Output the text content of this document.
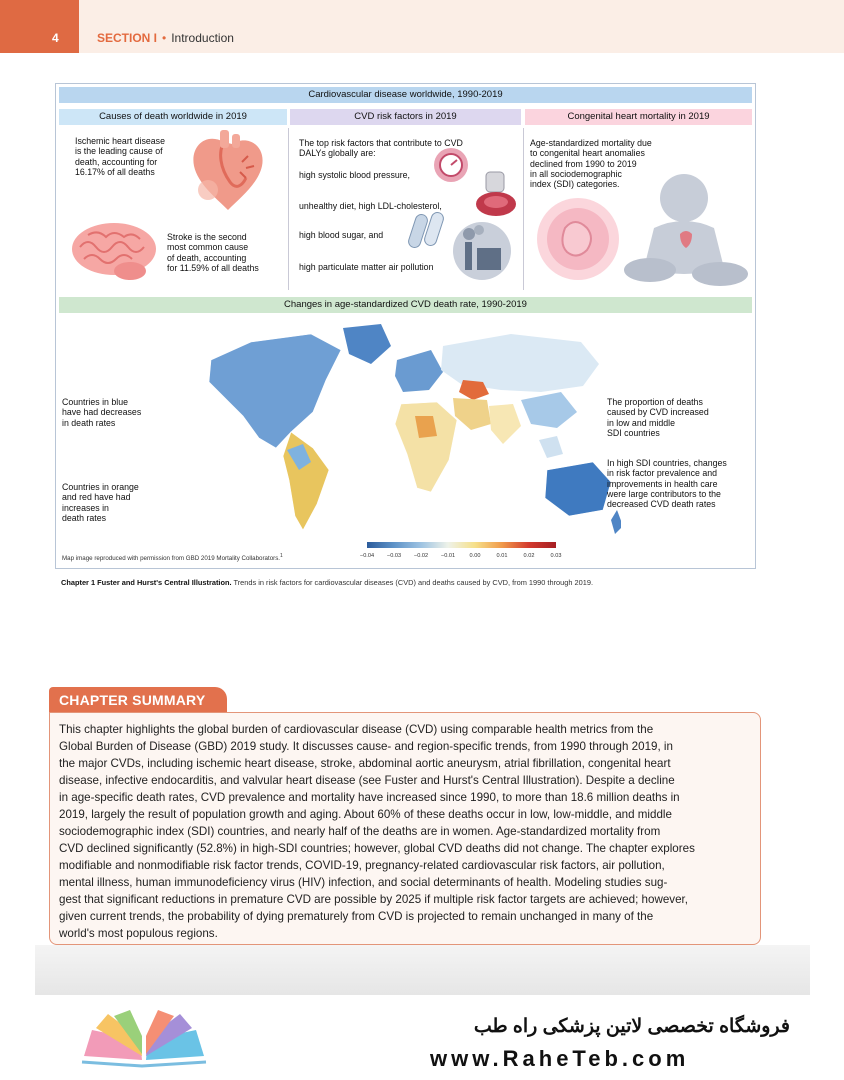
4	SECTION I • Introduction
Cardiovascular disease worldwide, 1990-2019
Causes of death worldwide in 2019	CVD risk factors in 2019	Congenital heart mortality in 2019
Ischemic heart disease
is the leading cause of
death, accounting for
16.17% of all deaths
Stroke is the second
most common cause
of death, accounting
for 11.59% of all deaths
The top risk factors that contribute to CVD
DALYs globally are:
high systolic blood pressure,
unhealthy diet, high LDL-cholesterol,
high blood sugar, and
high particulate matter air pollution
Age-standardized mortality due
to congenital heart anomalies
declined from 1990 to 2019
in all sociodemographic
index (SDI) categories.
Changes in age-standardized CVD death rate, 1990-2019
Countries in blue
have had decreases
in death rates
Countries in orange
and red have had
increases in
death rates
The proportion of deaths
caused by CVD increased
in low and middle
SDI countries
In high SDI countries, changes
in risk factor prevalence and
improvements in health care
were large contributors to the
decreased CVD death rates
Map image reproduced with permission from GBD 2019 Mortality Collaborators.$^1$	−0.04 −0.03 −0.02 −0.01	0.00	0.01	0.02	0.03
Chapter 1 Fuster and Hurst's Central Illustration. Trends in risk factors for cardiovascular diseases (CVD) and deaths caused by CVD, from 1990 through 2019.
CHAPTER SUMMARY
This chapter highlights the global burden of cardiovascular disease (CVD) using comparable health metrics from the
Global Burden of Disease (GBD) 2019 study. It discusses cause- and region-specific trends, from 1990 through 2019, in
the major CVDs, including ischemic heart disease, stroke, abdominal aortic aneurysm, atrial fibrillation, congenital heart
disease, infective endocarditis, and valvular heart disease (see Fuster and Hurst's Central Illustration). Despite a decline
in age-specific death rates, CVD prevalence and mortality have increased since 1990, to more than 18.6 million deaths in
2019, largely the result of population growth and aging. About 60% of these deaths occur in low, low-middle, and middle
sociodemographic index (SDI) countries, and nearly half of the deaths are in women. Age-standardized mortality from
CVD declined significantly (52.8%) in high-SDI countries; however, global CVD deaths did not change. The chapter explores
modifiable and nonmodifiable risk factor trends, COVID-19, pregnancy-related cardiovascular risk factors, air pollution,
mental illness, human immunodeficiency virus (HIV) infection, and social determinants of health. Modeling studies sug-
gest that significant reductions in premature CVD are possible by 2025 if multiple risk factor targets are achieved; however,
given current trends, the probability of dying prematurely from CVD is projected to remain unchanged in many of the
world's most populous regions.
فروشگاه تخصصی لاتین پزشکی راه طب
www.RaheTeb.com
